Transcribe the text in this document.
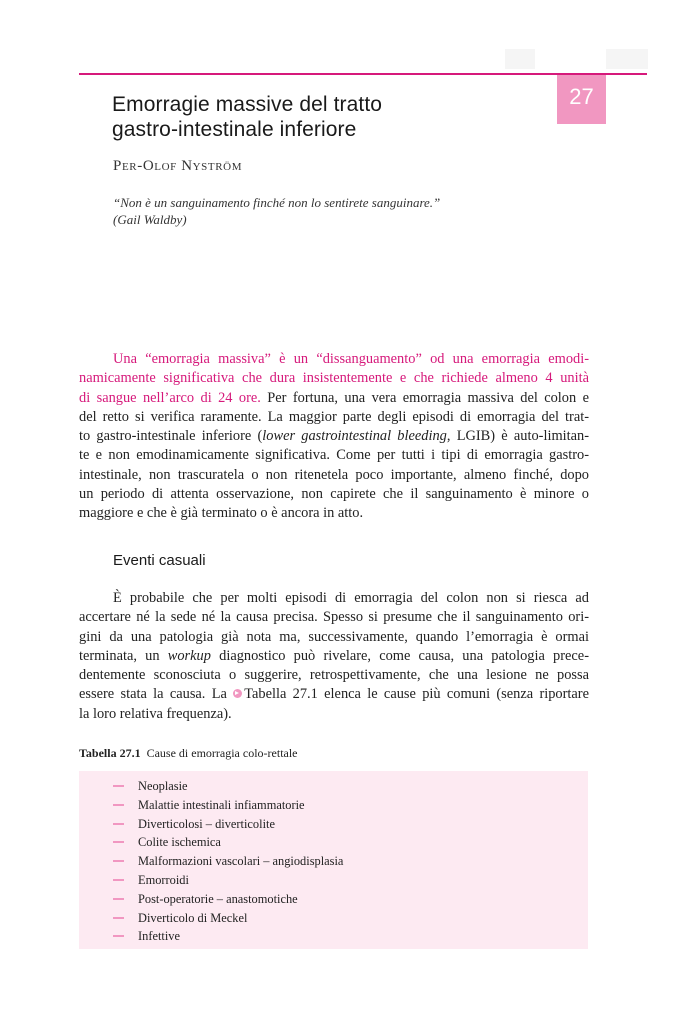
27
Emorragie massive del tratto
gastro-intestinale inferiore
PER-OLOF NYSTRÖM
“Non è un sanguinamento finché non lo sentirete sanguinare.”
(Gail Waldby)
Una “emorragia massiva” è un “dissanguamento” od una emorragia emodi-
namicamente significativa che dura insistentemente e che richiede almeno 4 unità
di sangue nell’arco di 24 ore. Per fortuna, una vera emorragia massiva del colon e
del retto si verifica raramente. La maggior parte degli episodi di emorragia del trat-
to gastro-intestinale inferiore (lower gastrointestinal bleeding, LGIB) è auto-limitan-
te e non emodinamicamente significativa. Come per tutti i tipi di emorragia gastro-
intestinale, non trascuratela o non ritenetela poco importante, almeno finché, dopo
un periodo di attenta osservazione, non capirete che il sanguinamento è minore o
maggiore e che è già terminato o è ancora in atto.
Eventi casuali
È probabile che per molti episodi di emorragia del colon non si riesca ad
accertare né la sede né la causa precisa. Spesso si presume che il sanguinamento ori-
gini da una patologia già nota ma, successivamente, quando l’emorragia è ormai
terminata, un workup diagnostico può rivelare, come causa, una patologia prece-
dentemente sconosciuta o suggerire, retrospettivamente, che una lesione ne possa
essere stata la causa. La Tabella 27.1 elenca le cause più comuni (senza riportare
la loro relativa frequenza).
Tabella 27.1  Cause di emorragia colo-rettale
Neoplasie
Malattie intestinali infiammatorie
Diverticolosi – diverticolite
Colite ischemica
Malformazioni vascolari – angiodisplasia
Emorroidi
Post-operatorie – anastomotiche
Diverticolo di Meckel
Infettive
